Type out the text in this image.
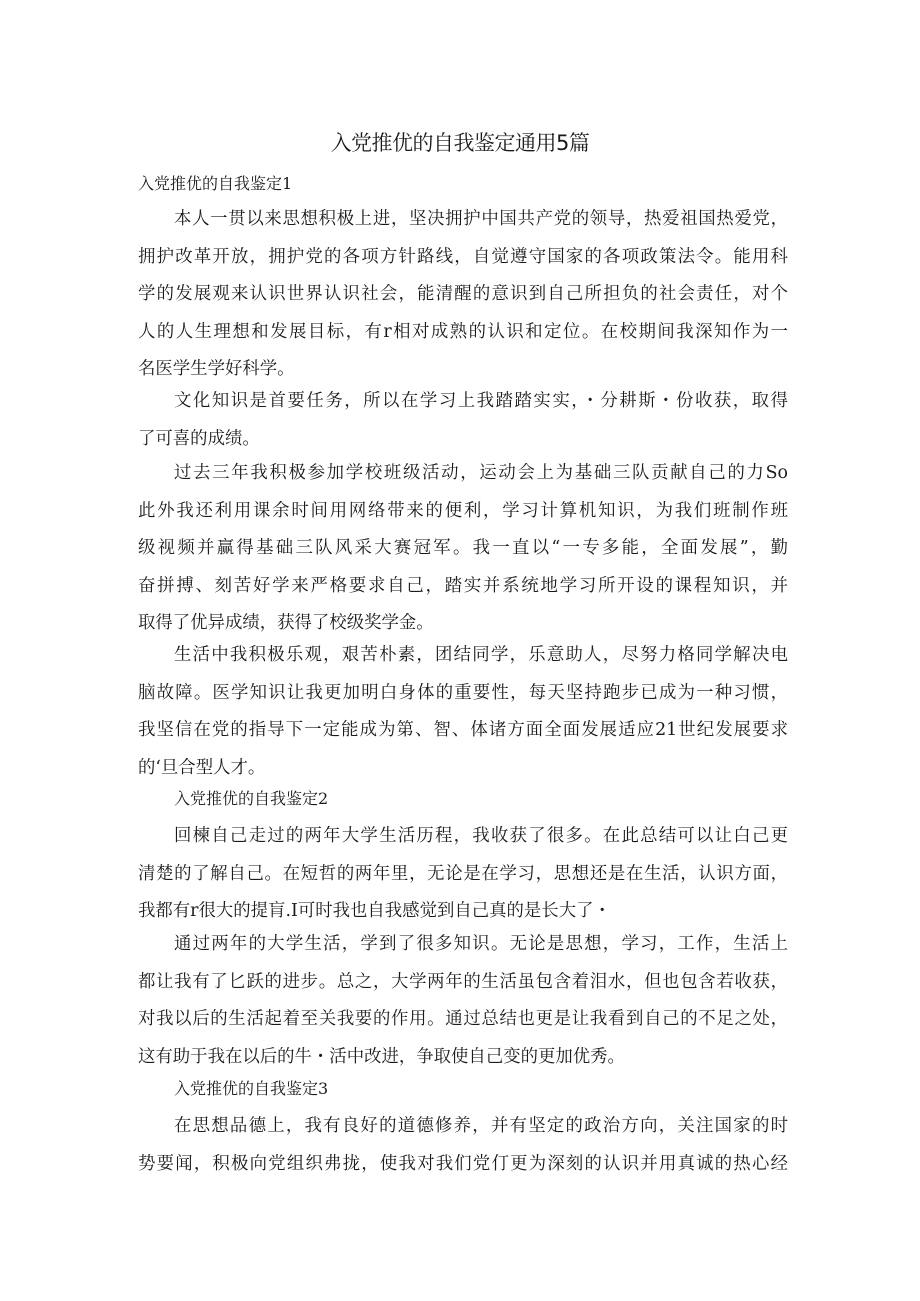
入党推优的自我鉴定通用5篇
入党推优的自我鉴定1
本人一贯以来思想积极上进，坚决拥护中国共产党的领导，热爱祖国热爱党，
拥护改革开放，拥护党的各项方针路线，自觉遵守国家的各项政策法令。能用科
学的发展观来认识世界认识社会，能清醒的意识到自己所担负的社会责任，对个
人的人生理想和发展目标，有r相对成熟的认识和定位。在校期间我深知作为一
名医学生学好科学。
文化知识是首要任务，所以在学习上我踏踏实实，・分耕斯・份收获，取得
了可喜的成绩。
过去三年我积极参加学校班级活动，运动会上为基础三队贡献自己的力So
此外我还利用课余时间用网络带来的便利，学习计算机知识，为我们班制作班
级视频并赢得基础三队风采大赛冠军。我一直以“一专多能，全面发展”，勤
奋拼搏、刻苦好学来严格要求自己，踏实并系统地学习所开设的课程知识，并
取得了优异成绩，获得了校级奖学金。
生活中我积极乐观，艰苦朴素，团结同学，乐意助人，尽努力格同学解决电
脑故障。医学知识让我更加明白身体的重要性，每天坚持跑步已成为一种习惯，
我坚信在党的指导下一定能成为第、智、体诸方面全面发展适应21世纪发展要求
的‘旦合型人才。
入党推优的自我鉴定2
回楝自己走过的两年大学生活历程，我收获了很多。在此总结可以让白己更
清楚的了解自己。在短哲的两年里，无论是在学习，思想还是在生活，认识方面，
我都有r很大的提肓.I可时我也自我感觉到自己真的是长大了・
通过两年的大学生活，学到了很多知识。无论是思想，学习，工作，生活上
都让我有了匕跃的进步。总之，大学两年的生活虽包含着泪水，但也包含若收获，
对我以后的生活起着至关我要的作用。通过总结也更是让我看到自己的不足之处，
这有助于我在以后的牛・活中改进，争取使自己变的更加优秀。
入党推优的自我鉴定3
在思想品德上，我有良好的道德修养，并有坚定的政治方向，关注国家的时
势要闻，积极向党组织弗拢，使我对我们党仃更为深刻的认识并用真诚的热心经
